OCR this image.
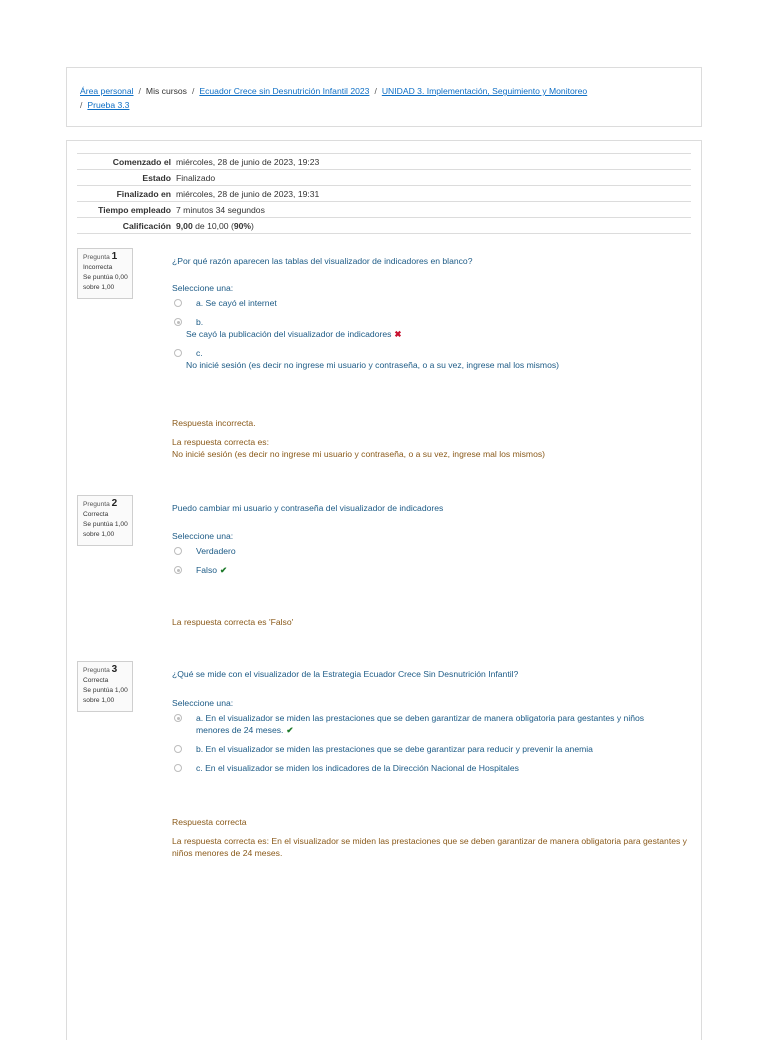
Área personal / Mis cursos / Ecuador Crece sin Desnutrición Infantil 2023 / UNIDAD 3. Implementación, Seguimiento y Monitoreo
/ Prueba 3.3
Comenzado el	miércoles, 28 de junio de 2023, 19:23
Estado	Finalizado
Finalizado en	miércoles, 28 de junio de 2023, 19:31
Tiempo empleado	7 minutos 34 segundos
Calificación	9,00 de 10,00 (90%)
Pregunta 1
Incorrecta
Se puntúa 0,00 sobre 1,00
¿Por qué razón aparecen las tablas del visualizador de indicadores en blanco?
Seleccione una:
a. Se cayó el internet
b.
Se cayó la publicación del visualizador de indicadores ✖
c.
No inicié sesión (es decir no ingrese mi usuario y contraseña, o a su vez, ingrese mal los mismos)

Respuesta incorrecta.

La respuesta correcta es:

No inicié sesión (es decir no ingrese mi usuario y contraseña, o a su vez, ingrese mal los mismos)

Pregunta 2
Correcta
Se puntúa 1,00 sobre 1,00
Puedo cambiar mi usuario y contraseña del visualizador de indicadores
Seleccione una:
Verdadero
Falso ✔

La respuesta correcta es 'Falso'

Pregunta 3
Correcta
Se puntúa 1,00 sobre 1,00
¿Qué se mide con el visualizador de la Estrategia Ecuador Crece Sin Desnutrición Infantil?
Seleccione una:
a. En el visualizador se miden las prestaciones que se deben garantizar de manera obligatoria para gestantes y niños menores de 24 meses. ✔
b. En el visualizador se miden las prestaciones que se debe garantizar para reducir y prevenir la anemia
c. En el visualizador se miden los indicadores de la Dirección Nacional de Hospitales

Respuesta correcta

La respuesta correcta es: En el visualizador se miden las prestaciones que se deben garantizar de manera obligatoria para gestantes y niños menores de 24 meses.
